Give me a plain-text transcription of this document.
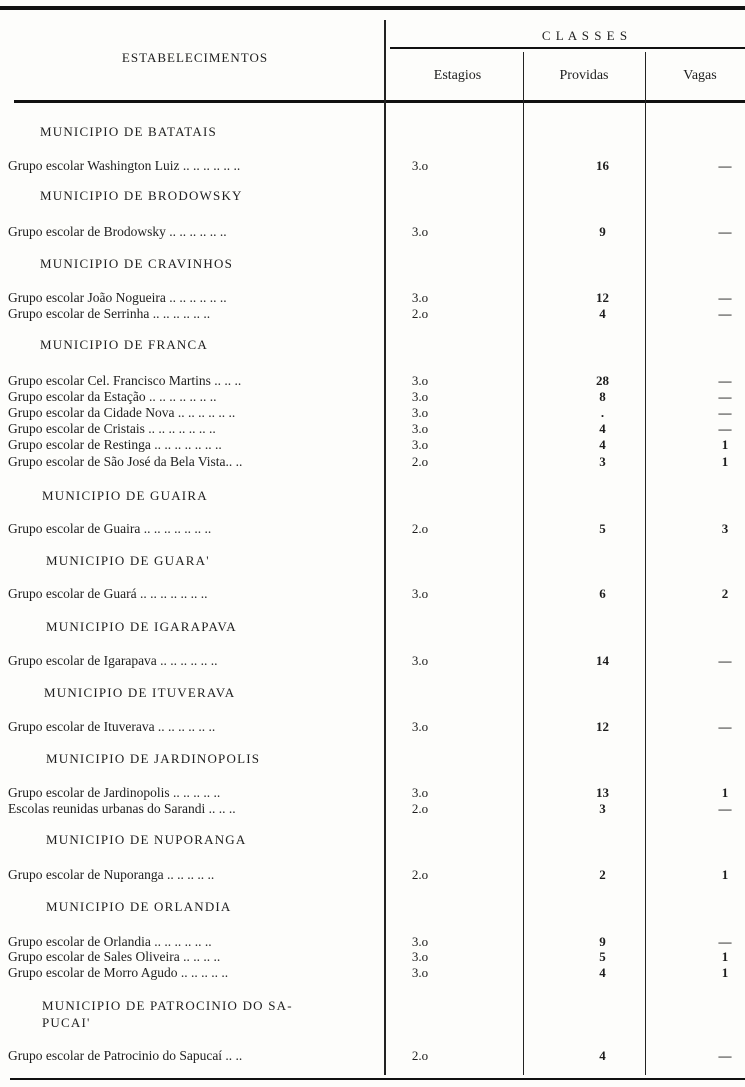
ESTABELECIMENTOS
C L A S S E S
Estagios	Providas	Vagas
MUNICIPIO DE BATATAIS
Grupo escolar Washington Luiz .. .. .. .. .. ..	3.o	16	—
MUNICIPIO DE BRODOWSKY
Grupo escolar de Brodowsky .. .. .. .. .. ..	3.o	9	—
MUNICIPIO DE CRAVINHOS
Grupo escolar João Nogueira .. .. .. .. .. ..	3.o	12	—
Grupo escolar de Serrinha .. .. .. .. .. ..	2.o	4	—
MUNICIPIO DE FRANCA
Grupo escolar Cel. Francisco Martins .. .. ..	3.o	28	—
Grupo escolar da Estação .. .. .. .. .. .. ..	3.o	8	—
Grupo escolar da Cidade Nova .. .. .. .. .. ..	3.o	.	—
Grupo escolar de Cristais .. .. .. .. .. .. ..	3.o	4	—
Grupo escolar de Restinga .. .. .. .. .. .. ..	3.o	4	1
Grupo escolar de São José da Bela Vista.. ..	2.o	3	1
MUNICIPIO DE GUAIRA
Grupo escolar de Guaira .. .. .. .. .. .. ..	2.o	5	3
MUNICIPIO DE GUARA'
Grupo escolar de Guará .. .. .. .. .. .. ..	3.o	6	2
MUNICIPIO DE IGARAPAVA
Grupo escolar de Igarapava .. .. .. .. .. ..	3.o	14	—
MUNICIPIO DE ITUVERAVA
Grupo escolar de Ituverava .. .. .. .. .. ..	3.o	12	—
MUNICIPIO DE JARDINOPOLIS
Grupo escolar de Jardinopolis .. .. .. .. ..	3.o	13	1
Escolas reunidas urbanas do Sarandi .. .. ..	2.o	3	—
MUNICIPIO DE NUPORANGA
Grupo escolar de Nuporanga .. .. .. .. ..	2.o	2	1
MUNICIPIO DE ORLANDIA
Grupo escolar de Orlandia .. .. .. .. .. ..	3.o	9	—
Grupo escolar de Sales Oliveira .. .. .. ..	3.o	5	1
Grupo escolar de Morro Agudo .. .. .. .. ..	3.o	4	1
MUNICIPIO DE PATROCINIO DO SA-
PUCAI'
Grupo escolar de Patrocinio do Sapucaí .. ..	2.o	4	—
